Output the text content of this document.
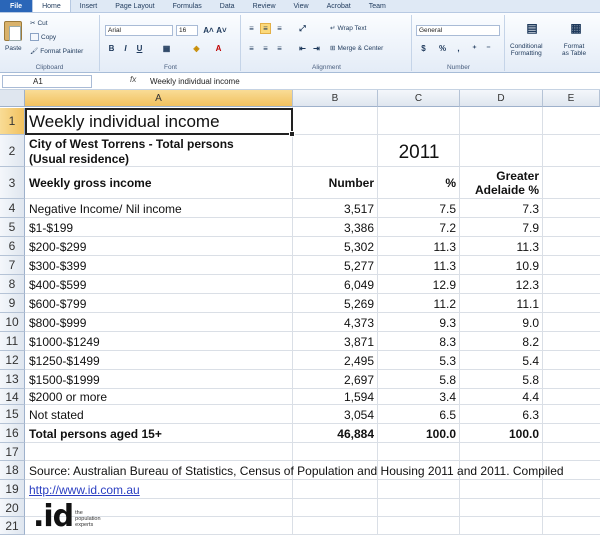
File	Home	Insert	Page Layout	Formulas	Data	Review	View	Acrobat	Team
Paste
✂ Cut
Copy
🖌 Format Painter
Clipboard
Arial	16	A˄ A˅
B	I	U	▦	◈	A
Font
≡
≡	≡	⤢	↵ Wrap Text
≡	≡	≡	⇤ ⇥	⊞ Merge & Center
Alignment
General
$	%	,	⁺	⁻
Number
▤
Conditional
Formatting
▦
Format
as Table
A1	fx Weekly individual income
A	B	C	D	E
1
2
3
4
5
6
7
8
9
10
11
12
13
14
15
16
17
18
19
20
21
Weekly individual income
City of West Torrens - Total persons
(Usual residence)	2011
Weekly gross income	Number	%	Greater
Adelaide %
Negative Income/ Nil income	3,517	7.5	7.3
$1-$199	3,386	7.2	7.9
$200-$299	5,302	11.3	11.3
$300-$399	5,277	11.3	10.9
$400-$599	6,049	12.9	12.3
$600-$799	5,269	11.2	11.1
$800-$999	4,373	9.3	9.0
$1000-$1249	3,871	8.3	8.2
$1250-$1499	2,495	5.3	5.4
$1500-$1999	2,697	5.8	5.8
$2000 or more	1,594	3.4	4.4
Not stated	3,054	6.5	6.3
Total persons aged 15+	46,884	100.0	100.0
Source: Australian Bureau of Statistics, Census of Population and Housing 2011 and 2011. Compiled
http://www.id.com.au
.id the population experts
